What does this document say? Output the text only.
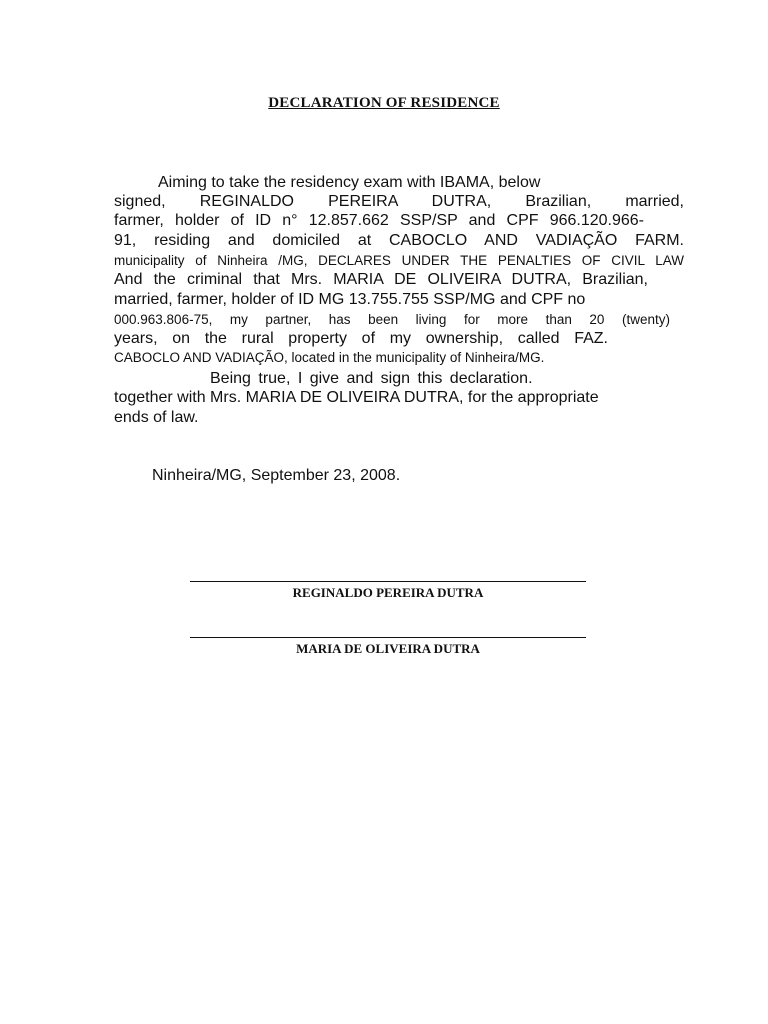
DECLARATION OF RESIDENCE
Aiming to take the residency exam with IBAMA, below
signed, REGINALDO PEREIRA DUTRA, Brazilian, married,
farmer, holder of ID n° 12.857.662 SSP/SP and CPF 966.120.966-
91, residing and domiciled at CABOCLO AND VADIAÇÃO FARM.
municipality of Ninheira /MG, DECLARES UNDER THE PENALTIES OF CIVIL LAW
And the criminal that Mrs. MARIA DE OLIVEIRA DUTRA, Brazilian,
married, farmer, holder of ID MG 13.755.755 SSP/MG and CPF no
000.963.806-75, my partner, has been living for more than 20 (twenty)
years, on the rural property of my ownership, called FAZ.
CABOCLO AND VADIAÇÃO, located in the municipality of Ninheira/MG.
Being true, I give and sign this declaration.
together with Mrs. MARIA DE OLIVEIRA DUTRA, for the appropriate
ends of law.
Ninheira/MG, September 23, 2008.
REGINALDO PEREIRA DUTRA
MARIA DE OLIVEIRA DUTRA
